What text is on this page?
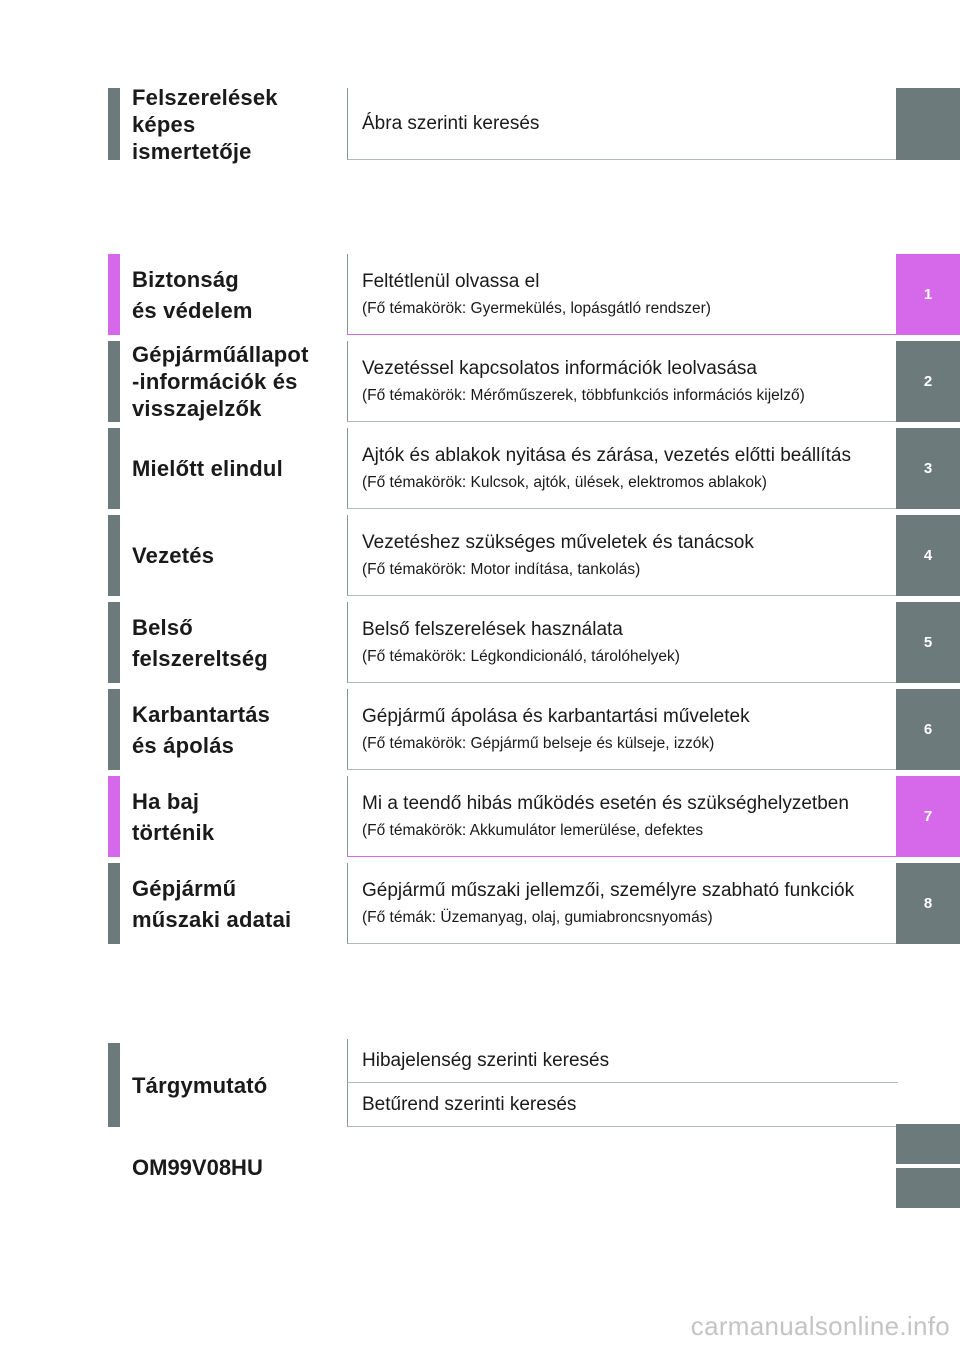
Felszerelések
képes
ismertetője
Ábra szerinti keresés
Biztonság
és védelem
Feltétlenül olvassa el
(Fő témakörök: Gyermekülés, lopásgátló rendszer)
1
Gépjárműállapot
-információk és
visszajelzők
Vezetéssel kapcsolatos információk leolvasása
(Fő témakörök: Mérőműszerek, többfunkciós információs kijelző)
2
Mielőtt elindul
Ajtók és ablakok nyitása és zárása, vezetés előtti beállítás
(Fő témakörök: Kulcsok, ajtók, ülések, elektromos ablakok)
3
Vezetés
Vezetéshez szükséges műveletek és tanácsok
(Fő témakörök: Motor indítása, tankolás)
4
Belső
felszereltség
Belső felszerelések használata
(Fő témakörök: Légkondicionáló, tárolóhelyek)
5
Karbantartás
és ápolás
Gépjármű ápolása és karbantartási műveletek
(Fő témakörök: Gépjármű belseje és külseje, izzók)
6
Ha baj
történik
Mi a teendő hibás működés esetén és szükséghelyzetben
(Fő témakörök: Akkumulátor lemerülése, defektes
7
Gépjármű
műszaki adatai
Gépjármű műszaki jellemzői, személyre szabható funkciók
(Fő témák: Üzemanyag, olaj, gumiabroncsnyomás)
8
Tárgymutató
Hibajelenség szerinti keresés
Betűrend szerinti keresés
OM99V08HU
carmanualsonline.info
